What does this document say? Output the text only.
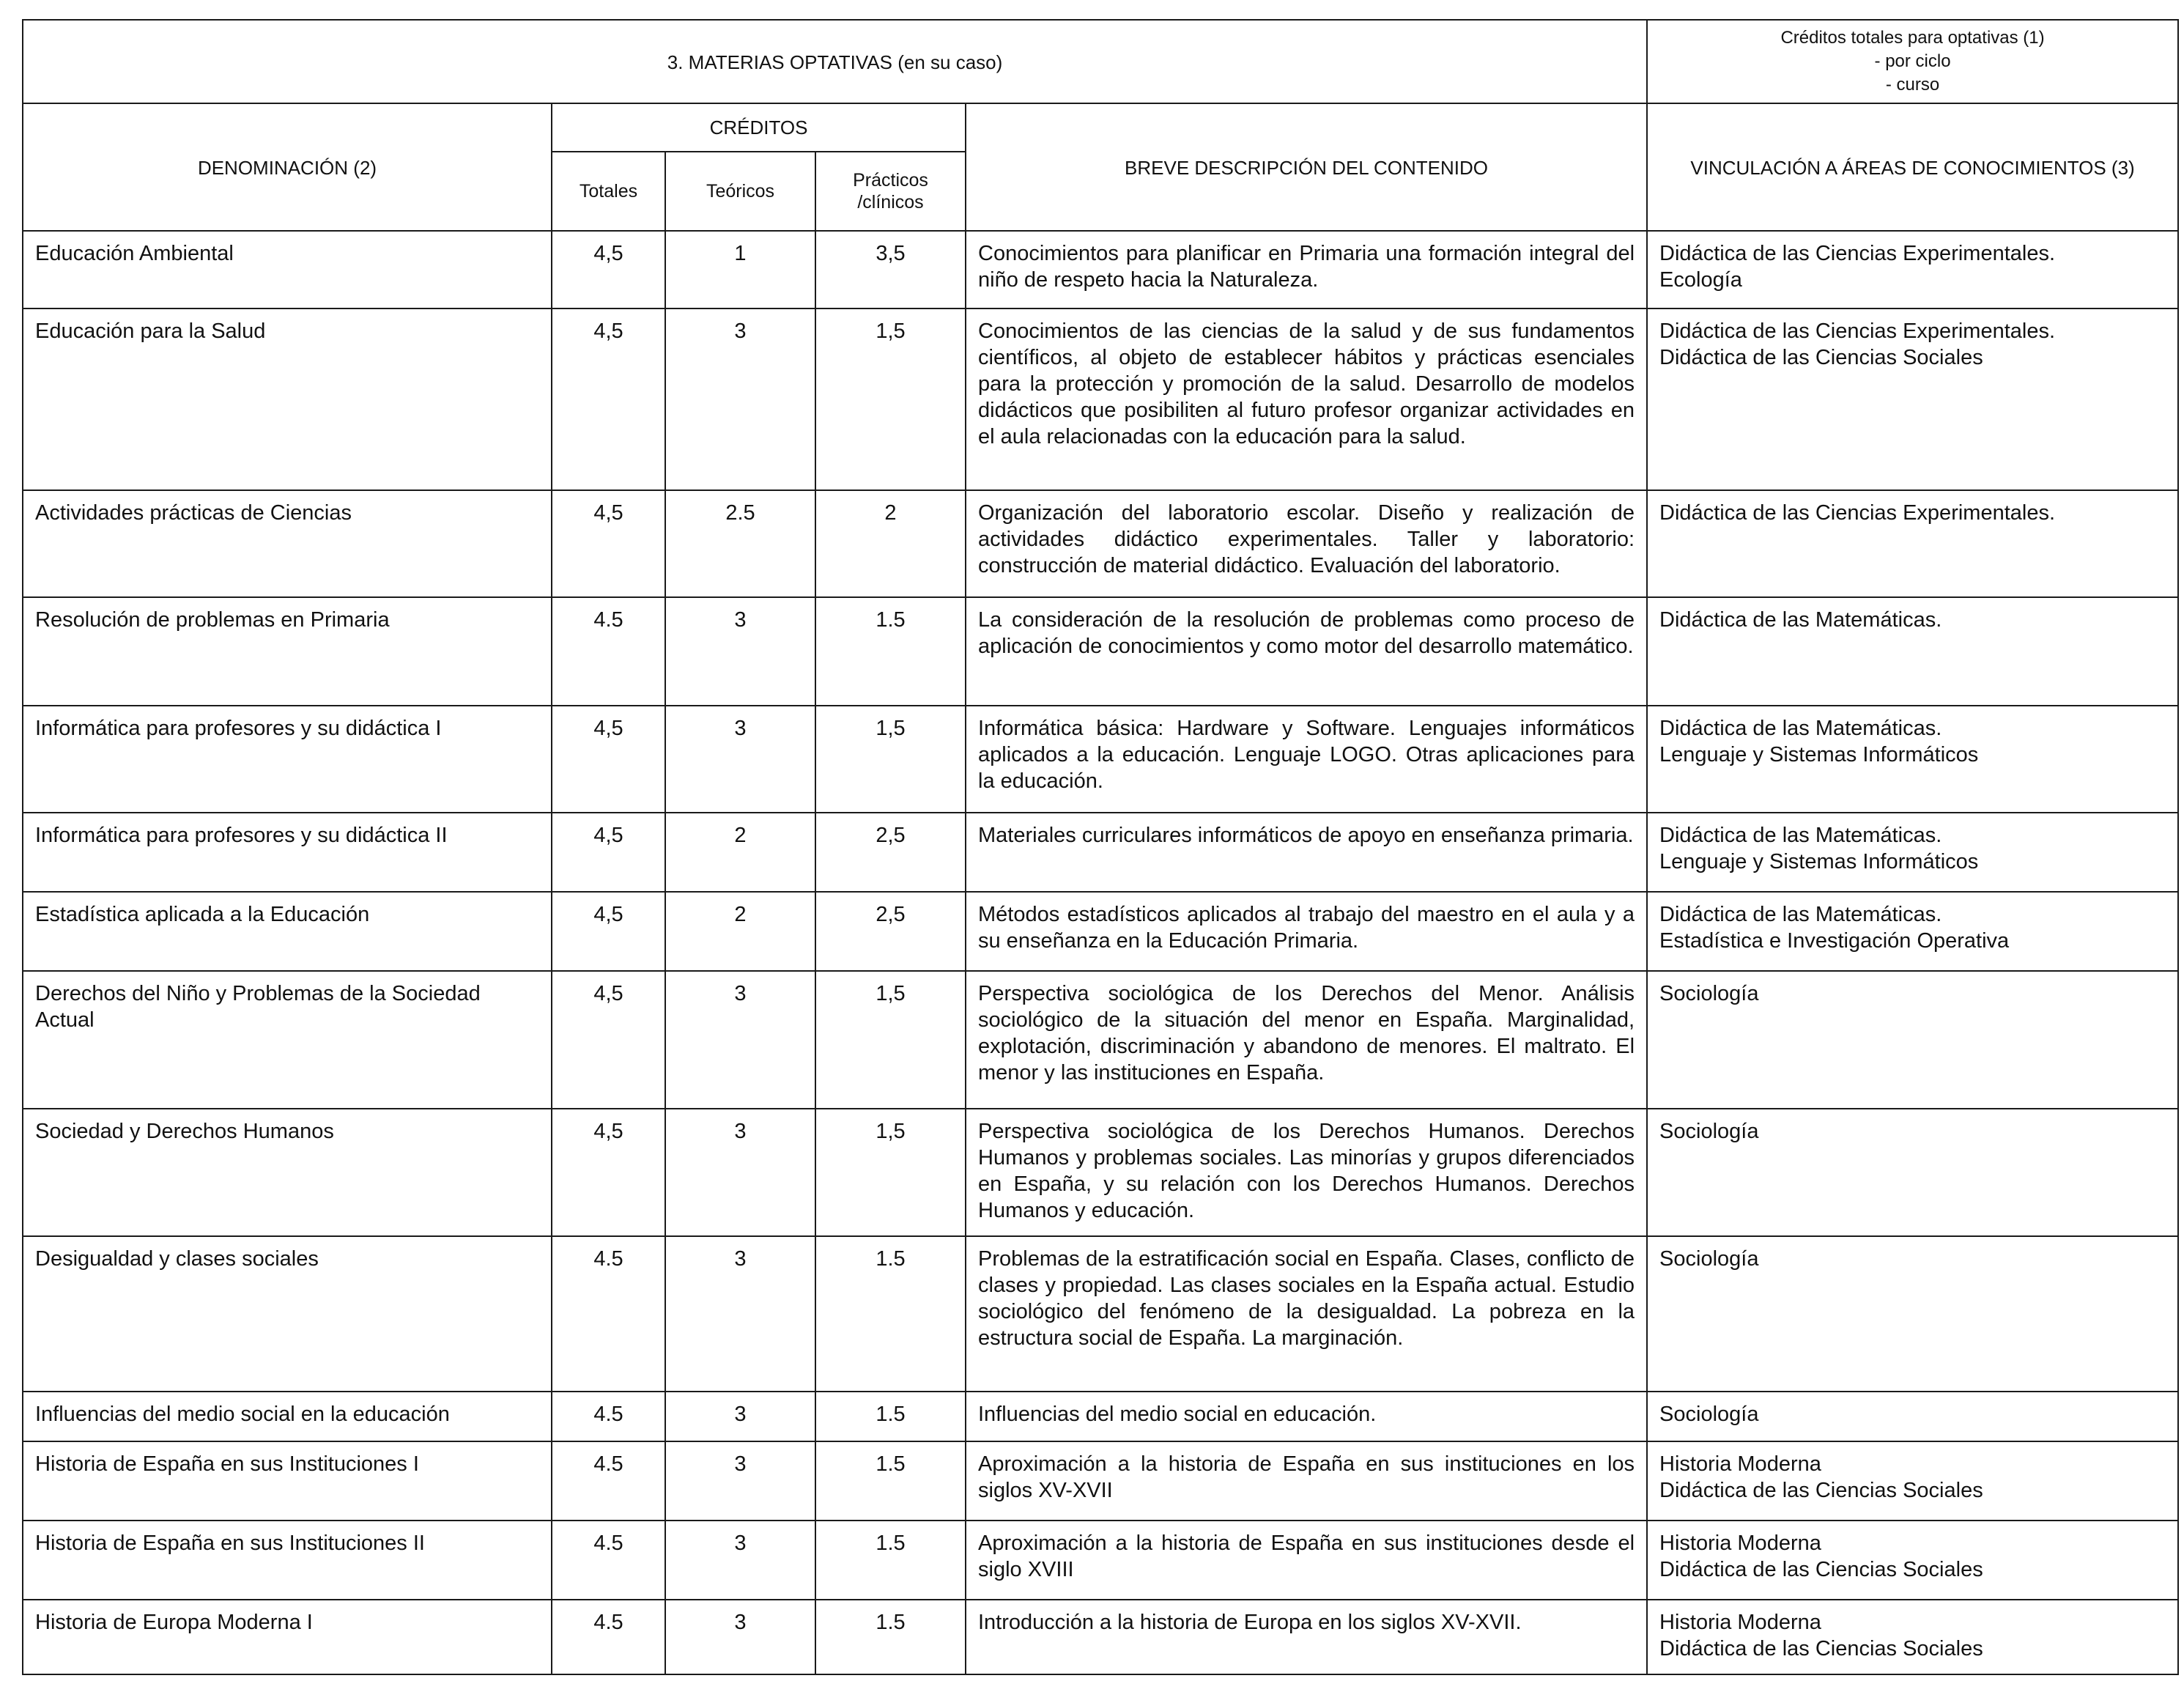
3. MATERIAS OPTATIVAS (en su caso)					Créditos totales para optativas (1)
- por ciclo
- curso

DENOMINACIÓN (2)	CRÉDITOS			BREVE DESCRIPCIÓN DEL CONTENIDO	VINCULACIÓN A ÁREAS DE CONOCIMIENTOS (3)
	Totales	Teóricos	Prácticos /clínicos		
Educación Ambiental	4,5	1	3,5	Conocimientos para planificar en Primaria una formación integral del niño de respeto hacia la Naturaleza.	Didáctica de las Ciencias Experimentales.
Ecología

Educación para la Salud	4,5	3	1,5	Conocimientos de las ciencias de la salud y de sus fundamentos científicos, al objeto de establecer hábitos y prácticas esenciales para la protección y promoción de la salud. Desarrollo de modelos didácticos que posibiliten al futuro profesor organizar actividades en el aula relacionadas con la educación para la salud.	Didáctica de las Ciencias Experimentales.
Didáctica de las Ciencias Sociales

Actividades prácticas de Ciencias	4,5	2.5	2	Organización del laboratorio escolar. Diseño y realización de actividades didáctico experimentales. Taller y laboratorio: construcción de material didáctico. Evaluación del laboratorio.	Didáctica de las Ciencias Experimentales.

Resolución de problemas en Primaria	4.5	3	1.5	La consideración de la resolución de problemas como proceso de aplicación de conocimientos y como motor del desarrollo matemático.	Didáctica de las Matemáticas.

Informática para profesores y su didáctica I	4,5	3	1,5	Informática básica: Hardware y Software. Lenguajes informáticos aplicados a la educación. Lenguaje LOGO. Otras aplicaciones para la educación.	Didáctica de las Matemáticas.
Lenguaje y Sistemas Informáticos

Informática para profesores y su didáctica II	4,5	2	2,5	Materiales curriculares informáticos de apoyo en enseñanza primaria.	Didáctica de las Matemáticas.
Lenguaje y Sistemas Informáticos

Estadística aplicada a la Educación	4,5	2	2,5	Métodos estadísticos aplicados al trabajo del maestro en el aula y a su enseñanza en la Educación Primaria.	Didáctica de las Matemáticas.
Estadística e Investigación Operativa

Derechos del Niño y Problemas de la Sociedad Actual	4,5	3	1,5	Perspectiva sociológica de los Derechos del Menor. Análisis sociológico de la situación del menor en España. Marginalidad, explotación, discriminación y abandono de menores. El maltrato. El menor y las instituciones en España.	Sociología

Sociedad y Derechos Humanos	4,5	3	1,5	Perspectiva sociológica de los Derechos Humanos. Derechos Humanos y problemas sociales. Las minorías y grupos diferenciados en España, y su relación con los Derechos Humanos. Derechos Humanos y educación.	Sociología

Desigualdad y clases sociales	4.5	3	1.5	Problemas de la estratificación social en España. Clases, conflicto de clases y propiedad. Las clases sociales en la España actual. Estudio sociológico del fenómeno de la desigualdad. La pobreza en la estructura social de España. La marginación.	Sociología

Influencias del medio social en la educación	4.5	3	1.5	Influencias del medio social en educación.	Sociología

Historia de España en sus Instituciones I	4.5	3	1.5	Aproximación a la historia de España en sus instituciones en los siglos XV-XVII	Historia Moderna
Didáctica de las Ciencias Sociales

Historia de España en sus Instituciones II	4.5	3	1.5	Aproximación a la historia de España en sus instituciones desde el siglo XVIII	Historia Moderna
Didáctica de las Ciencias Sociales

Historia de Europa Moderna I	4.5	3	1.5	Introducción a la historia de Europa en los siglos XV-XVII.	Historia Moderna
Didáctica de las Ciencias Sociales
